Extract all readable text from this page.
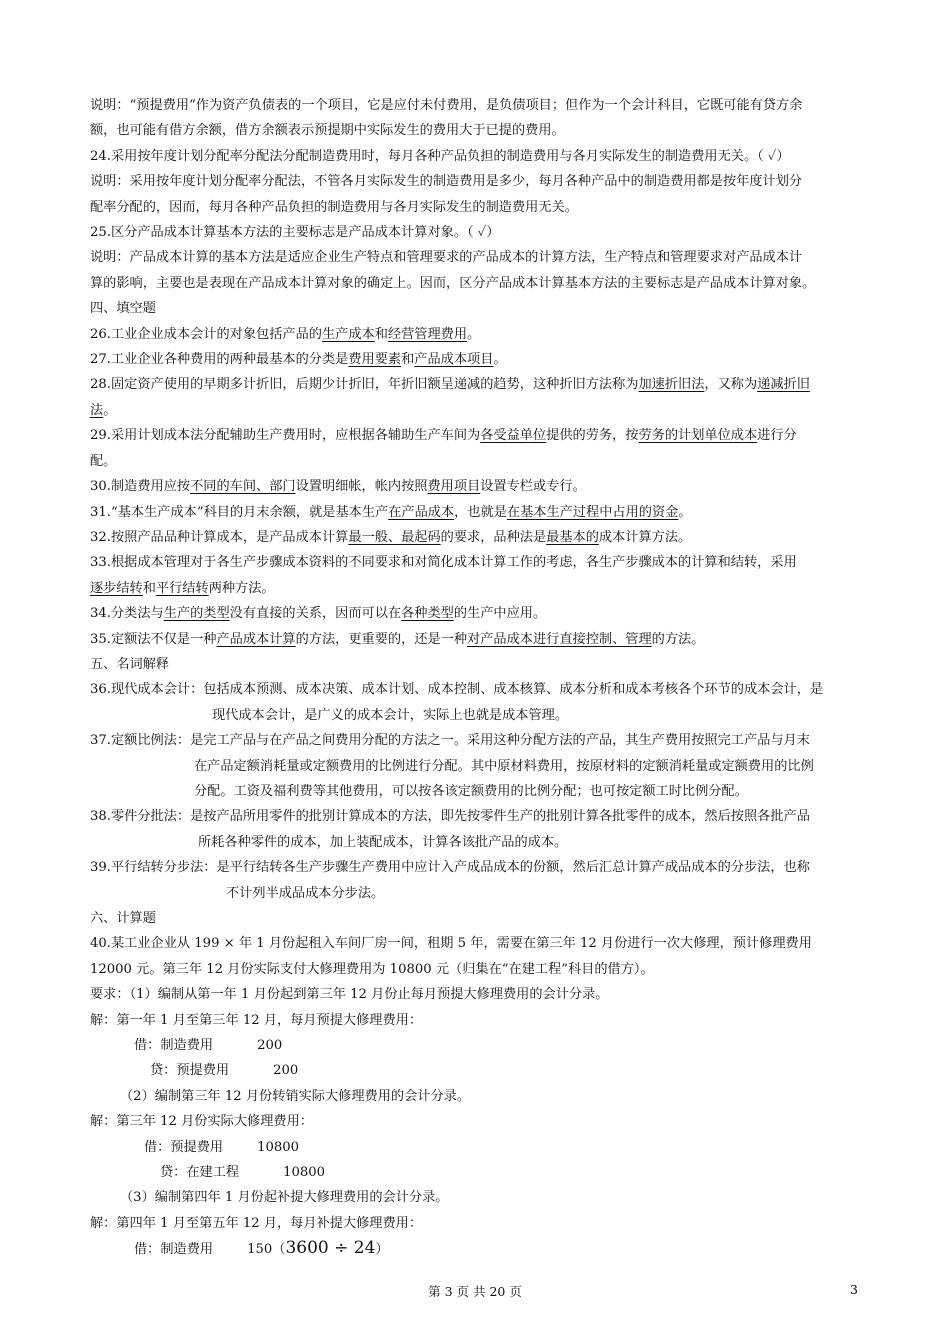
说明：“预提费用“作为资产负债表的一个项目，它是应付未付费用，是负债项目；但作为一个会计科目，它既可能有贷方余

额，也可能有借方余额，借方余额表示预提期中实际发生的费用大于已提的费用。

24.采用按年度计划分配率分配法分配制造费用时，每月各种产品负担的制造费用与各月实际发生的制造费用无关。（ ✓）

说明：采用按年度计划分配率分配法，不管各月实际发生的制造费用是多少，每月各种产品中的制造费用都是按年度计划分

配率分配的，因而，每月各种产品负担的制造费用与各月实际发生的制造费用无关。

25.区分产品成本计算基本方法的主要标志是产品成本计算对象。（ ✓）

说明：产品成本计算的基本方法是适应企业生产特点和管理要求的产品成本的计算方法，生产特点和管理要求对产品成本计

算的影响，主要也是表现在产品成本计算对象的确定上。因而，区分产品成本计算基本方法的主要标志是产品成本计算对象。

四、填空题

26.工业企业成本会计的对象包括产品的生产成本和经营管理费用。

27.工业企业各种费用的两种最基本的分类是费用要素和产品成本项目。

28.固定资产使用的早期多计折旧，后期少计折旧，年折旧额呈递减的趋势，这种折旧方法称为加速折旧法，又称为递减折旧
法。

29.采用计划成本法分配辅助生产费用时，应根据各辅助生产车间为各受益单位提供的劳务，按劳务的计划单位成本进行分
配。

30.制造费用应按不同的车间、部门设置明细帐，帐内按照费用项目设置专栏或专行。

31.“基本生产成本”科目的月末余额，就是基本生产在产品成本，也就是在基本生产过程中占用的资金。

32.按照产品品种计算成本，是产品成本计算最一般、最起码的要求，品种法是最基本的成本计算方法。

33.根据成本管理对于各生产步骤成本资料的不同要求和对简化成本计算工作的考虑，各生产步骤成本的计算和结转，采用
逐步结转和平行结转两种方法。

34.分类法与生产的类型没有直接的关系，因而可以在各种类型的生产中应用。

35.定额法不仅是一种产品成本计算的方法，更重要的，还是一种对产品成本进行直接控制、管理的方法。

五、名词解释

36.现代成本会计：包括成本预测、成本决策、成本计划、成本控制、成本核算、成本分析和成本考核各个环节的成本会计，是
现代成本会计，是广义的成本会计，实际上也就是成本管理。

37.定额比例法：是完工产品与在产品之间费用分配的方法之一。采用这种分配方法的产品，其生产费用按照完工产品与月末
在产品定额消耗量或定额费用的比例进行分配。其中原材料费用，按原材料的定额消耗量或定额费用的比例
分配。工资及福利费等其他费用，可以按各该定额费用的比例分配；也可按定额工时比例分配。

38.零件分批法：是按产品所用零件的批别计算成本的方法，即先按零件生产的批别计算各批零件的成本，然后按照各批产品
所耗各种零件的成本，加上装配成本，计算各该批产品的成本。

39.平行结转分步法：是平行结转各生产步骤生产费用中应计入产成品成本的份额，然后汇总计算产成品成本的分步法，也称
不计列半成品成本分步法。

六、计算题

40.某工业企业从 199 × 年 1 月份起租入车间厂房一间，租期 5 年，需要在第三年 12 月份进行一次大修理，预计修理费用
12000 元。第三年 12 月份实际支付大修理费用为 10800 元（归集在“在建工程”科目的借方）。

要求：（1）编制从第一年 1 月份起到第三年 12 月份止每月预提大修理费用的会计分录。

解：第一年 1 月至第三年 12 月，每月预提大修理费用：

借：制造费用	200

贷：预提费用	200

（2）编制第三年 12 月份转销实际大修理费用的会计分录。

解：第三年 12 月份实际大修理费用：

借：预提费用	10800

贷：在建工程	10800

（3）编制第四年 1 月份起补提大修理费用的会计分录。

解：第四年 1 月至第五年 12 月，每月补提大修理费用：

借：制造费用	150（3600 ÷ 24）

第 3 页 共 20 页	3
